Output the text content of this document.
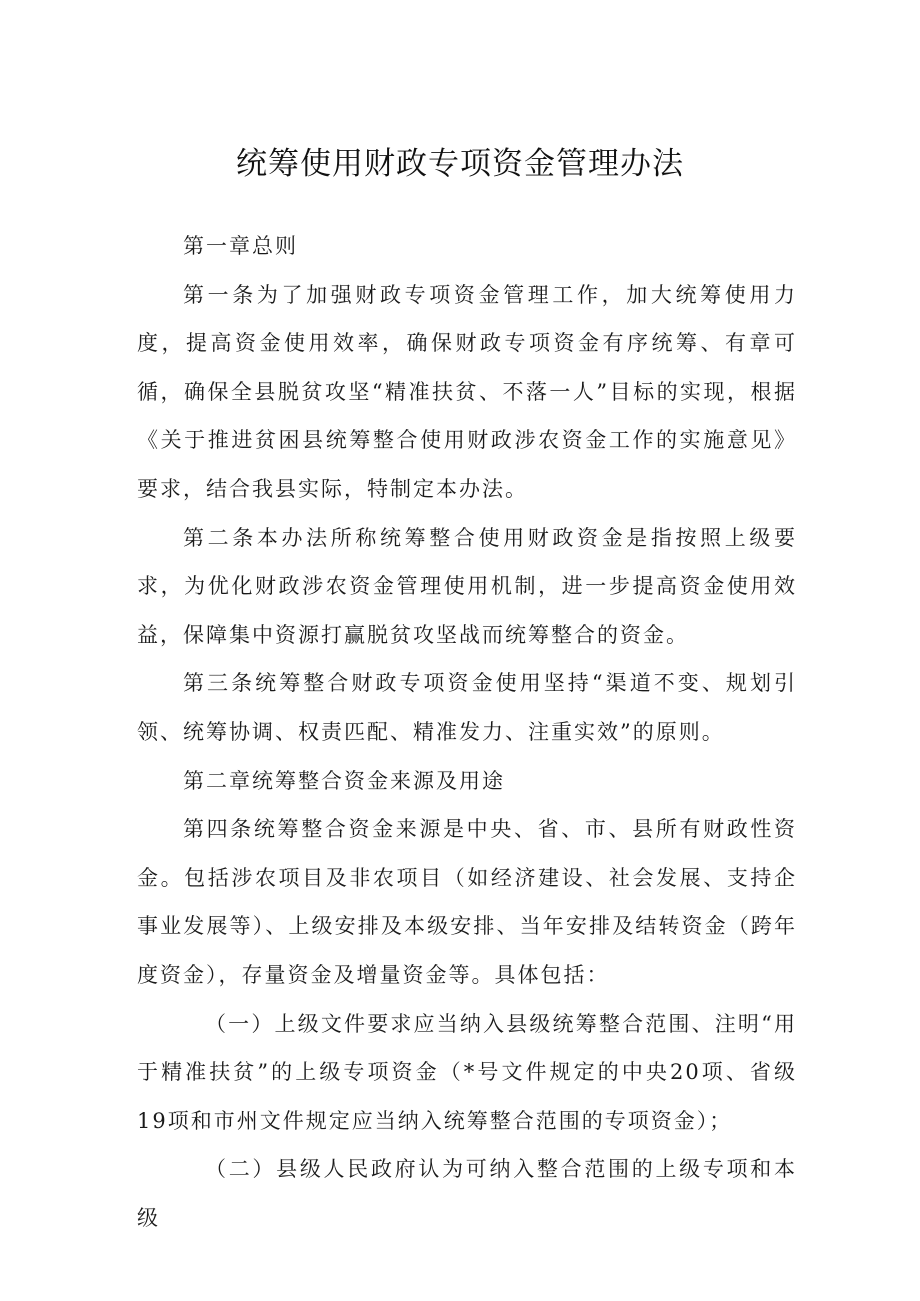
统筹使用财政专项资金管理办法

第一章总则

第一条为了加强财政专项资金管理工作，加大统筹使用力度，提高资金使用效率，确保财政专项资金有序统筹、有章可循，确保全县脱贫攻坚“精准扶贫、不落一人”目标的实现，根据《关于推进贫困县统筹整合使用财政涉农资金工作的实施意见》要求，结合我县实际，特制定本办法。

第二条本办法所称统筹整合使用财政资金是指按照上级要求，为优化财政涉农资金管理使用机制，进一步提高资金使用效益，保障集中资源打赢脱贫攻坚战而统筹整合的资金。

第三条统筹整合财政专项资金使用坚持“渠道不变、规划引领、统筹协调、权责匹配、精准发力、注重实效”的原则。

第二章统筹整合资金来源及用途

第四条统筹整合资金来源是中央、省、市、县所有财政性资金。包括涉农项目及非农项目（如经济建设、社会发展、支持企事业发展等）、上级安排及本级安排、当年安排及结转资金（跨年度资金），存量资金及增量资金等。具体包括：

（一）上级文件要求应当纳入县级统筹整合范围、注明“用于精准扶贫”的上级专项资金（*号文件规定的中央20项、省级19项和市州文件规定应当纳入统筹整合范围的专项资金）；

（二）县级人民政府认为可纳入整合范围的上级专项和本级
